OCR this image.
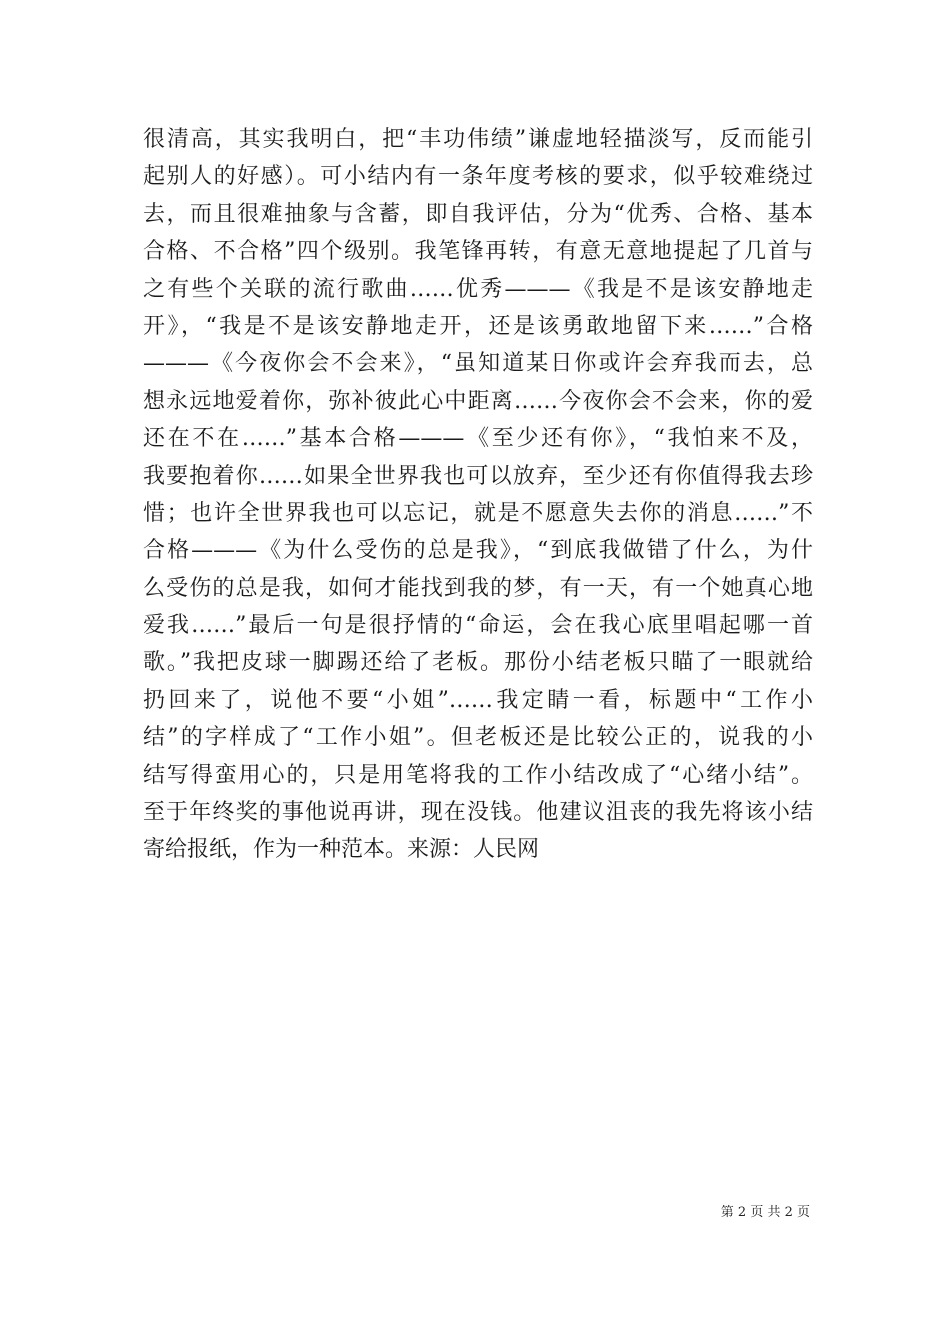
很清高，其实我明白，把“丰功伟绩”谦虚地轻描淡写，反而能引
起别人的好感）。可小结内有一条年度考核的要求，似乎较难绕过
去，而且很难抽象与含蓄，即自我评估，分为“优秀、合格、基本
合格、不合格”四个级别。我笔锋再转，有意无意地提起了几首与
之有些个关联的流行歌曲……优秀———《我是不是该安静地走
开》，“我是不是该安静地走开，还是该勇敢地留下来……”合格
———《今夜你会不会来》，“虽知道某日你或许会弃我而去，总
想永远地爱着你，弥补彼此心中距离……今夜你会不会来，你的爱
还在不在……”基本合格———《至少还有你》，“我怕来不及，
我要抱着你……如果全世界我也可以放弃，至少还有你值得我去珍
惜；也许全世界我也可以忘记，就是不愿意失去你的消息……”不
合格———《为什么受伤的总是我》，“到底我做错了什么，为什
么受伤的总是我，如何才能找到我的梦，有一天，有一个她真心地
爱我……”最后一句是很抒情的“命运，会在我心底里唱起哪一首
歌。”我把皮球一脚踢还给了老板。那份小结老板只瞄了一眼就给
扔回来了，说他不要“小姐”……我定睛一看，标题中“工作小
结”的字样成了“工作小姐”。但老板还是比较公正的，说我的小
结写得蛮用心的，只是用笔将我的工作小结改成了“心绪小结”。
至于年终奖的事他说再讲，现在没钱。他建议沮丧的我先将该小结
寄给报纸，作为一种范本。来源：人民网
第 2 页 共 2 页
